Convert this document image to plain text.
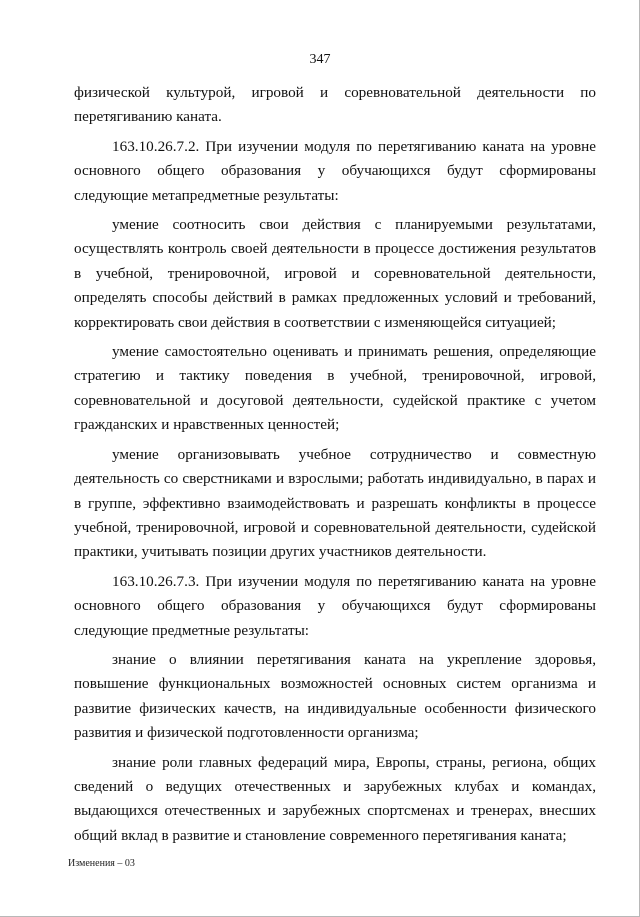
347

физической культурой, игровой и соревновательной деятельности по перетягиванию каната.

163.10.26.7.2. При изучении модуля по перетягиванию каната на уровне основного общего образования у обучающихся будут сформированы следующие метапредметные результаты:

умение соотносить свои действия с планируемыми результатами, осуществлять контроль своей деятельности в процессе достижения результатов в учебной, тренировочной, игровой и соревновательной деятельности, определять способы действий в рамках предложенных условий и требований, корректировать свои действия в соответствии с изменяющейся ситуацией;

умение самостоятельно оценивать и принимать решения, определяющие стратегию и тактику поведения в учебной, тренировочной, игровой, соревновательной и досуговой деятельности, судейской практике с учетом гражданских и нравственных ценностей;

умение организовывать учебное сотрудничество и совместную деятельность со сверстниками и взрослыми; работать индивидуально, в парах и в группе, эффективно взаимодействовать и разрешать конфликты в процессе учебной, тренировочной, игровой и соревновательной деятельности, судейской практики, учитывать позиции других участников деятельности.

163.10.26.7.3. При изучении модуля по перетягиванию каната на уровне основного общего образования у обучающихся будут сформированы следующие предметные результаты:

знание о влиянии перетягивания каната на укрепление здоровья, повышение функциональных возможностей основных систем организма и развитие физических качеств, на индивидуальные особенности физического развития и физической подготовленности организма;

знание роли главных федераций мира, Европы, страны, региона, общих сведений о ведущих отечественных и зарубежных клубах и командах, выдающихся отечественных и зарубежных спортсменах и тренерах, внесших общий вклад в развитие и становление современного перетягивания каната;

Изменения – 03
